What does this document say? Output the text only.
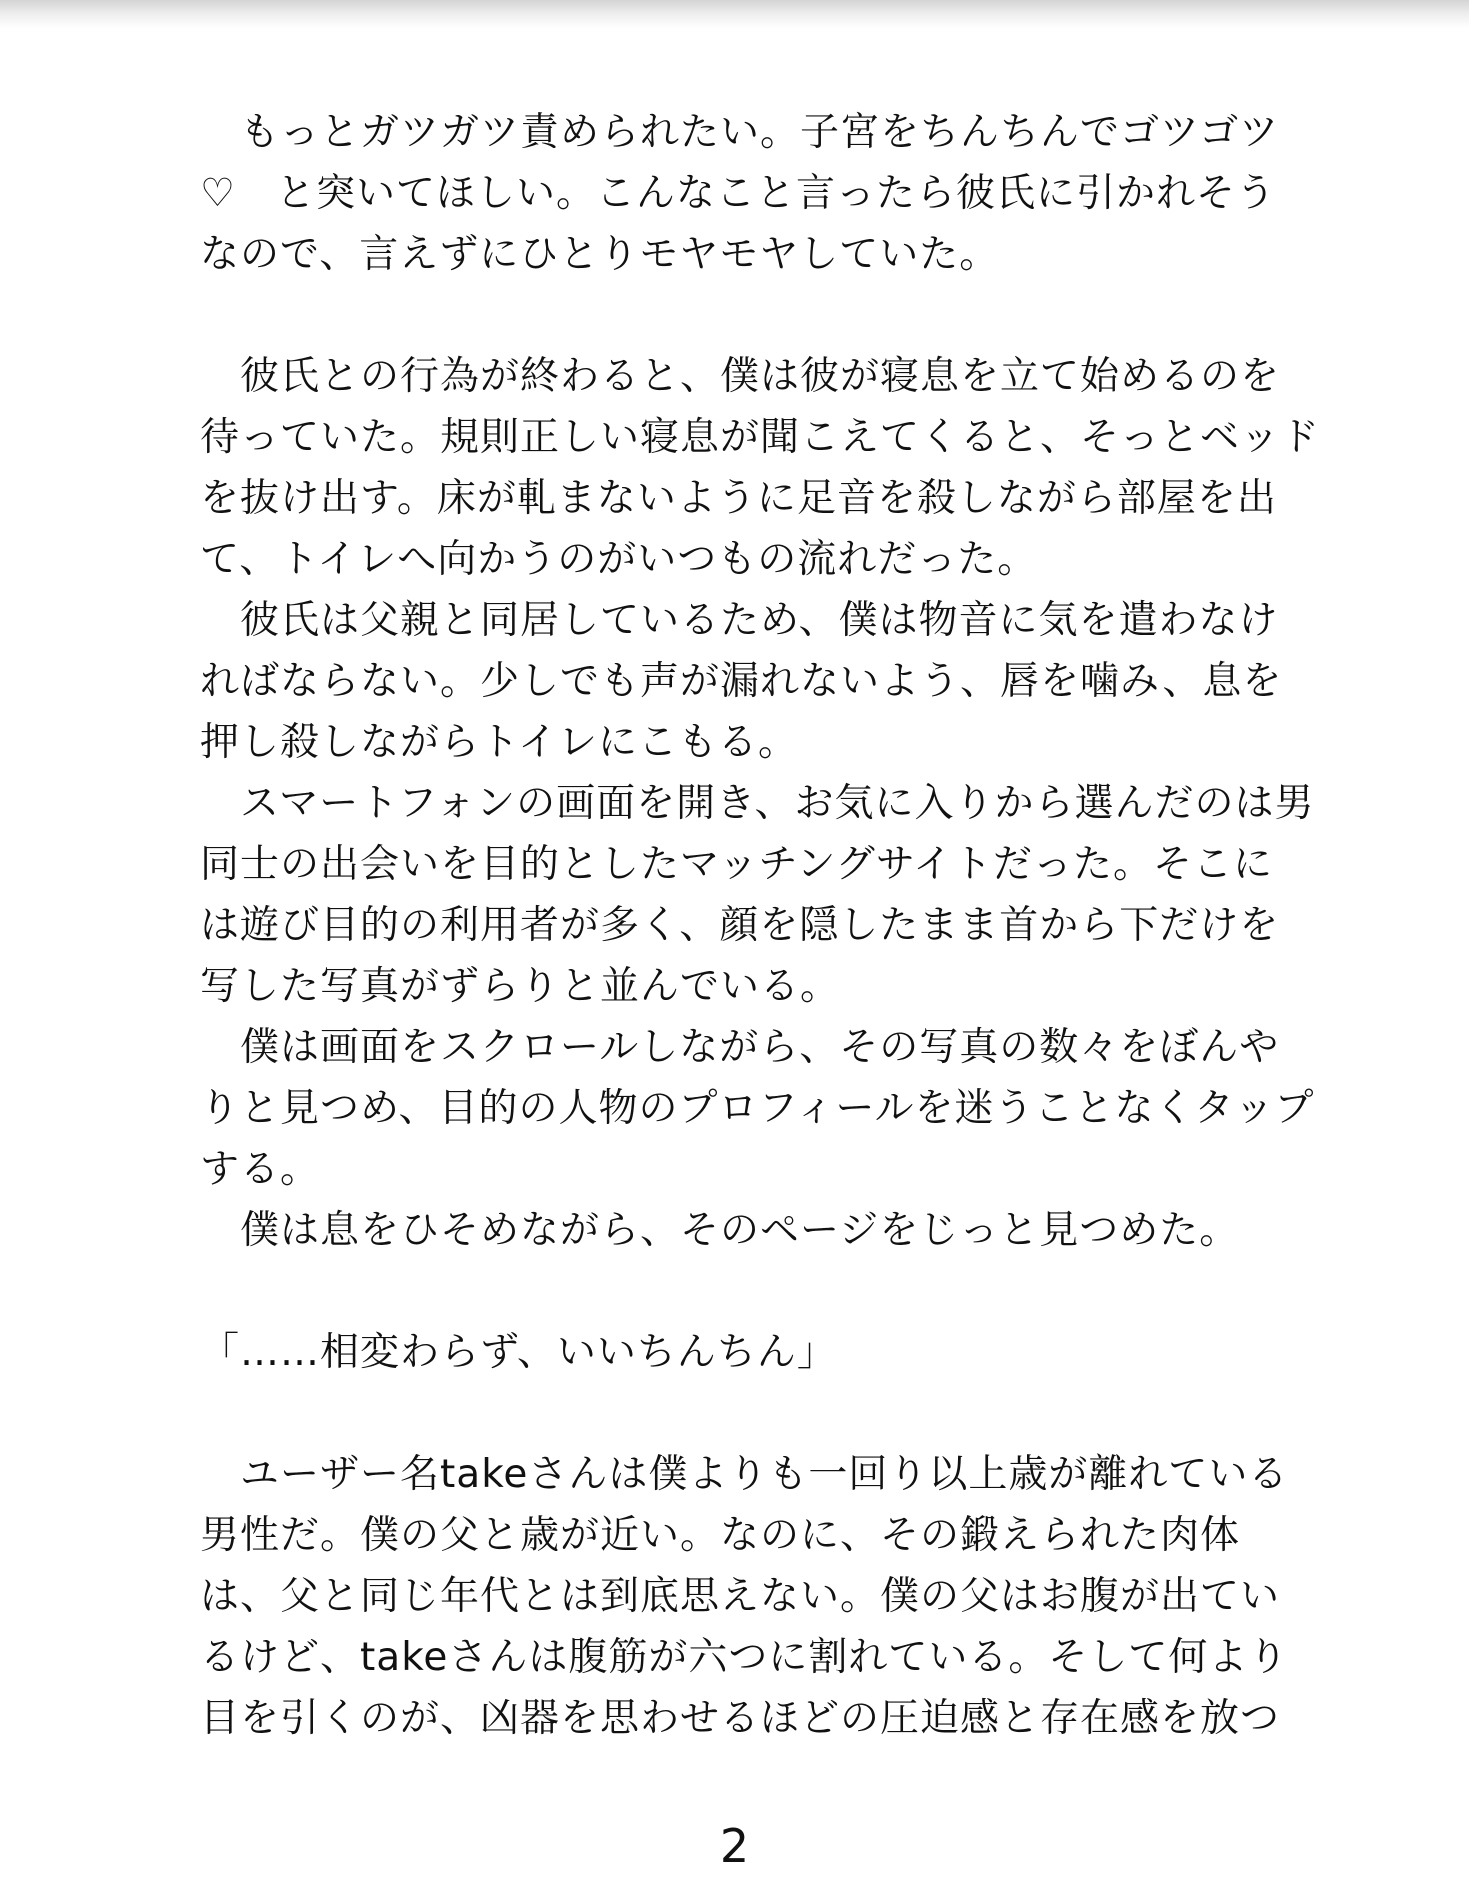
　もっとガツガツ責められたい。子宮をちんちんでゴツゴツ
♡　と突いてほしい。こんなこと言ったら彼氏に引かれそう
なので、言えずにひとりモヤモヤしていた。
　彼氏との行為が終わると、僕は彼が寝息を立て始めるのを
待っていた。規則正しい寝息が聞こえてくると、そっとベッド
を抜け出す。床が軋まないように足音を殺しながら部屋を出
て、トイレへ向かうのがいつもの流れだった。
　彼氏は父親と同居しているため、僕は物音に気を遣わなけ
ればならない。少しでも声が漏れないよう、唇を噛み、息を
押し殺しながらトイレにこもる。
　スマートフォンの画面を開き、お気に入りから選んだのは男
同士の出会いを目的としたマッチングサイトだった。そこに
は遊び目的の利用者が多く、顔を隠したまま首から下だけを
写した写真がずらりと並んでいる。
　僕は画面をスクロールしながら、その写真の数々をぼんや
りと見つめ、目的の人物のプロフィールを迷うことなくタップ
する。
　僕は息をひそめながら、そのページをじっと見つめた。
「……相変わらず、いいちんちん」
　ユーザー名takeさんは僕よりも一回り以上歳が離れている
男性だ。僕の父と歳が近い。なのに、その鍛えられた肉体
は、父と同じ年代とは到底思えない。僕の父はお腹が出てい
るけど、takeさんは腹筋が六つに割れている。そして何より
目を引くのが、凶器を思わせるほどの圧迫感と存在感を放つ
2
